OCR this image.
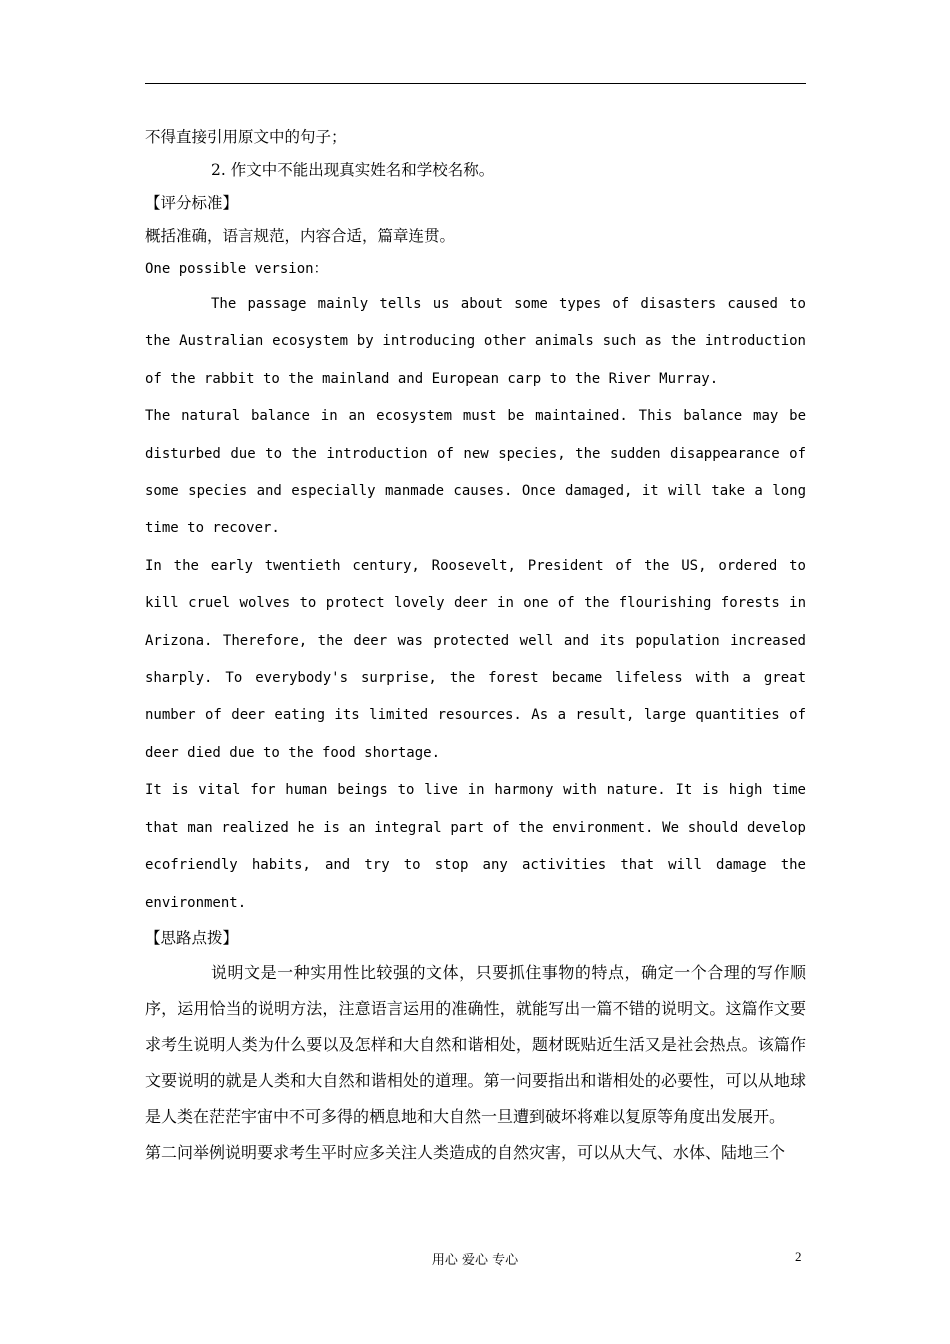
不得直接引用原文中的句子；

2. 作文中不能出现真实姓名和学校名称。

【评分标准】

概括准确，语言规范，内容合适，篇章连贯。

One possible version：

The passage mainly tells us about some types of disasters caused to the Australian ecosystem by introducing other animals such as the introduction of the rabbit to the mainland and European carp to the River Murray.

The natural balance in an ecosystem must be maintained. This balance may be disturbed due to the introduction of new species, the sudden disappearance of some species and especially manmade causes. Once damaged, it will take a long time to recover.

In the early twentieth century, Roosevelt, President of the US, ordered to kill cruel wolves to protect lovely deer in one of the flourishing forests in Arizona. Therefore, the deer was protected well and its population increased sharply. To everybody's surprise, the forest became lifeless with a great number of deer eating its limited resources. As a result, large quantities of deer died due to the food shortage.

It is vital for human beings to live in harmony with nature. It is high time that man realized he is an integral part of the environment. We should develop ecofriendly habits, and try to stop any activities that will damage the environment.

【思路点拨】

说明文是一种实用性比较强的文体，只要抓住事物的特点，确定一个合理的写作顺序，运用恰当的说明方法，注意语言运用的准确性，就能写出一篇不错的说明文。这篇作文要求考生说明人类为什么要以及怎样和大自然和谐相处，题材既贴近生活又是社会热点。该篇作文要说明的就是人类和大自然和谐相处的道理。第一问要指出和谐相处的必要性，可以从地球是人类在茫茫宇宙中不可多得的栖息地和大自然一旦遭到破坏将难以复原等角度出发展开。

第二问举例说明要求考生平时应多关注人类造成的自然灾害，可以从大气、水体、陆地三个

用心 爱心 专心	2
